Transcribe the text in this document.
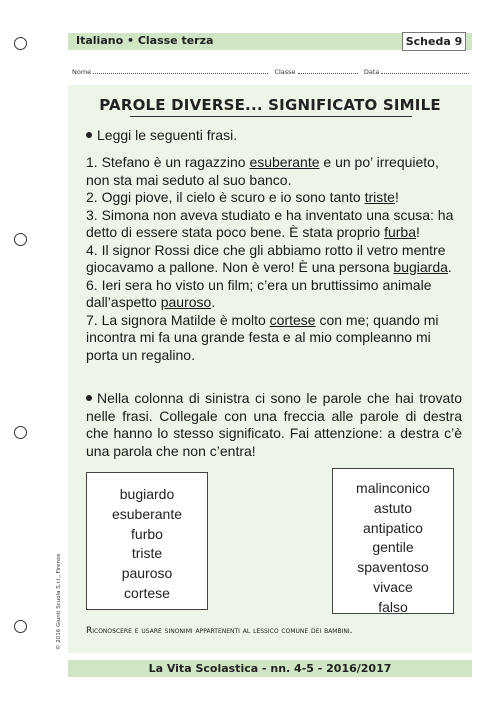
Italiano • Classe terza	Scheda 9
Nome	Classe	Data
PAROLE DIVERSE... SIGNIFICATO SIMILE
Leggi le seguenti frasi.

1. Stefano è un ragazzino esuberante e un po’ irrequieto, non sta mai seduto al suo banco.

2. Oggi piove, il cielo è scuro e io sono tanto triste!

3. Simona non aveva studiato e ha inventato una scusa: ha detto di essere stata poco bene. È stata proprio furba!

4. Il signor Rossi dice che gli abbiamo rotto il vetro mentre giocavamo a pallone. Non è vero! È una persona bugiarda.

6. Ieri sera ho visto un film; c’era un bruttissimo animale dall’aspetto pauroso.

7. La signora Matilde è molto cortese con me; quando mi incontra mi fa una grande festa e al mio compleanno mi porta un regalino.

Nella colonna di sinistra ci sono le parole che hai trovato nelle frasi. Collegale con una freccia alle parole di destra che hanno lo stesso significato. Fai attenzione: a destra c’è una parola che non c’entra!
bugiardo
esuberante
furbo
triste
pauroso
cortese
malinconico
astuto
antipatico
gentile
spaventoso
vivace
falso
Riconoscere e usare sinonimi appartenenti al lessico comune dei bambini.
© 2016 Giunti Scuola S.r.l., Firenze
La Vita Scolastica - nn. 4-5 - 2016/2017
